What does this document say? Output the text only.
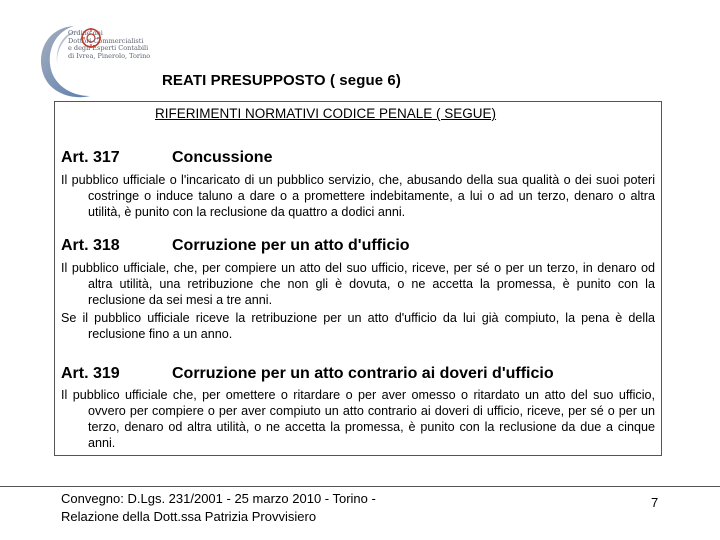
Ordine dei
Dottori Commercialisti
e degli Esperti Contabili
di Ivrea, Pinerolo, Torino
REATI PRESUPPOSTO ( segue 6)
RIFERIMENTI NORMATIVI CODICE PENALE ( SEGUE)
Art. 317	Concussione
Il pubblico ufficiale o l'incaricato di un pubblico servizio, che, abusando della sua qualità o dei suoi poteri costringe o induce taluno a dare o a promettere indebitamente, a lui o ad un terzo, denaro o altra utilità, è punito con la reclusione da quattro a dodici anni.
Art. 318	Corruzione per un atto d'ufficio
Il pubblico ufficiale, che, per compiere un atto del suo ufficio, riceve, per sé o per un terzo, in denaro od altra utilità, una retribuzione che non gli è dovuta, o ne accetta la promessa, è punito con la reclusione da sei mesi a tre anni.
Se il pubblico ufficiale riceve la retribuzione per un atto d'ufficio da lui già compiuto, la pena è della reclusione fino a un anno.
Art. 319	Corruzione per un atto contrario ai doveri d'ufficio
Il pubblico ufficiale che, per omettere o ritardare o per aver omesso o ritardato un atto del suo ufficio, ovvero per compiere o per aver compiuto un atto contrario ai doveri di ufficio, riceve, per sé o per un terzo, denaro od altra utilità, o ne accetta la promessa, è punito con la reclusione da due a cinque anni.
Convegno: D.Lgs. 231/2001 - 25 marzo 2010 - Torino -
Relazione della Dott.ssa Patrizia Provvisiero
7
